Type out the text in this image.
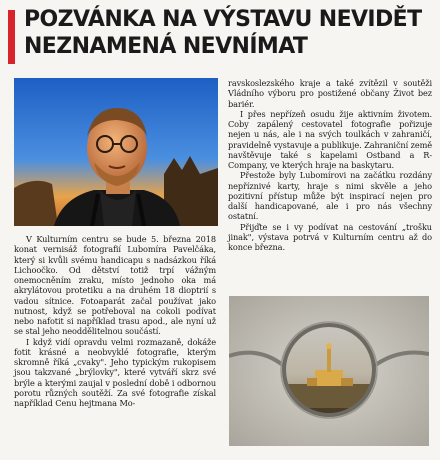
POZVÁNKA NA VÝSTAVU NEVIDĚT
NEZNAMENÁ NEVNÍMAT

V Kulturním centru se bude 5. března 2018 konat vernisáž fotografií Lubomíra Pavelčáka, který si kvůli svému handicapu s nadsázkou říká Lichoočko. Od dětství totiž trpí vážným onemocněním zraku, místo jednoho oka má akrylátovou protetiku a na druhém 18 dioptrií s vadou sítnice. Fotoaparát začal používat jako nutnost, když se potřeboval na cokoli podívat nebo nafotit si například trasu apod., ale nyní už se stal jeho neoddělitelnou součástí.

I když vidí opravdu velmi rozmazaně, dokáže fotit krásné a neobvyklé fotografie, kterým skromně říká „cvaky". Jeho typickým rukopisem jsou takzvané „brýlovky", které vytváří skrz své brýle a kterými zaujal v poslední době i odbornou porotu různých soutěží. Za své fotografie získal například Cenu hejtmana Mo-

ravskoslezského kraje a také zvítězil v soutěži Vládního výboru pro postižené občany Život bez bariér.

I přes nepřízeň osudu žije aktivním životem. Coby zapálený cestovatel fotografie pořizuje nejen u nás, ale i na svých toulkách v zahraničí, pravidelně vystavuje a publikuje. Zahraniční země navštěvuje také s kapelami Ostband a R-Company, ve kterých hraje na baskytaru.

Přestože byly Lubomírovi na začátku rozdány nepříznivé karty, hraje s nimi skvěle a jeho pozitivní přístup může být inspirací nejen pro další handicapované, ale i pro nás všechny ostatní.

Přijďte se i vy podívat na cestování „trošku jinak", výstava potrvá v Kulturním centru až do konce března.
